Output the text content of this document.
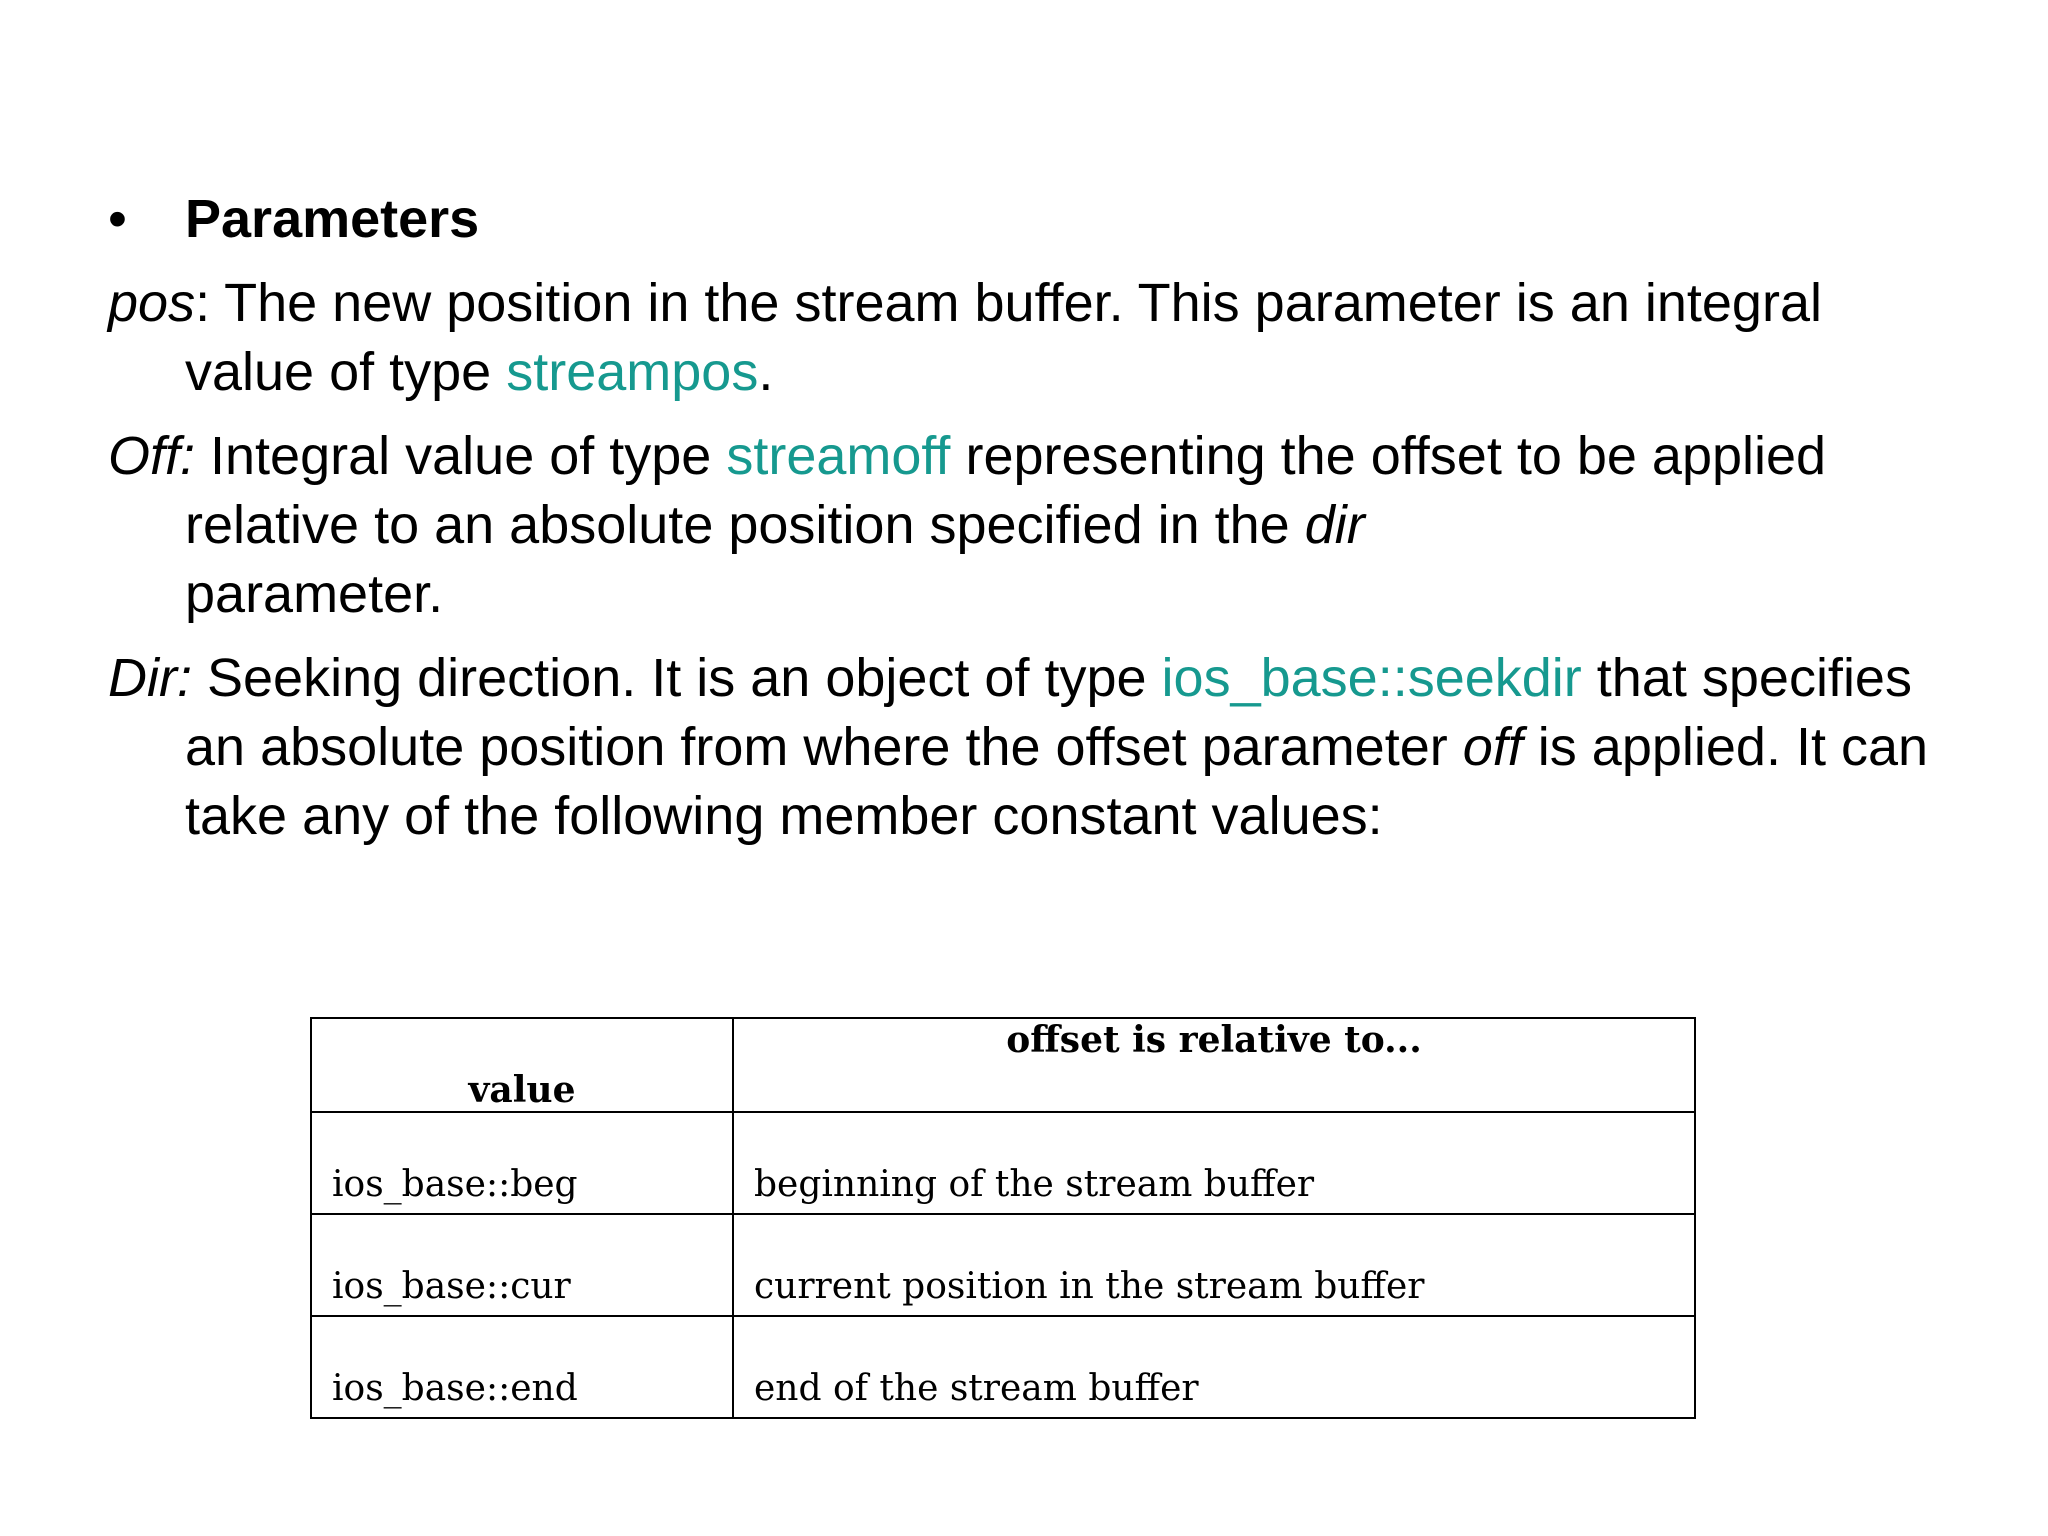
• Parameters
pos: The new position in the stream buffer. This parameter is an integral value of type streampos.
Off: Integral value of type streamoff representing the offset to be applied relative to an absolute position specified in the dir
parameter.
Dir: Seeking direction. It is an object of type ios_base::seekdir that specifies an absolute position from where the offset parameter off is applied. It can take any of the following member constant values:
value	offset is relative to...
ios_base::beg	beginning of the stream buffer
ios_base::cur	current position in the stream buffer
ios_base::end	end of the stream buffer
